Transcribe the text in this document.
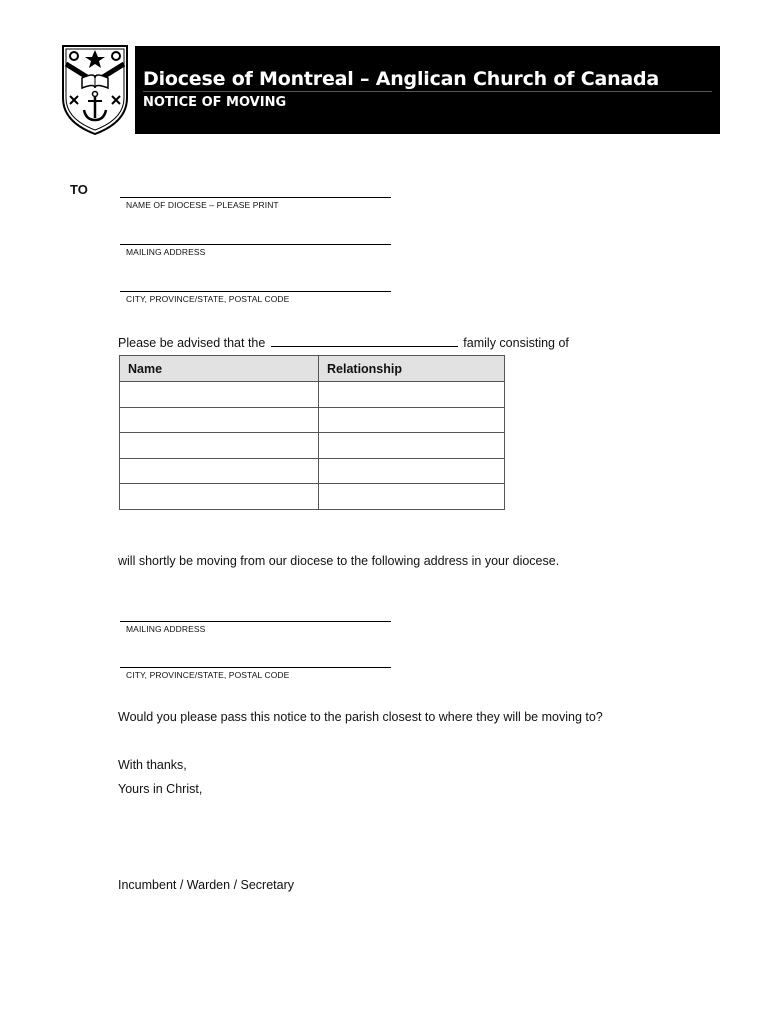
Diocese of Montreal – Anglican Church of Canada
NOTICE OF MOVING
TO
NAME OF DIOCESE – PLEASE PRINT
MAILING ADDRESS
CITY, PROVINCE/STATE, POSTAL CODE
Please be advised that the	family consisting of
Name	Relationship

will shortly be moving from our diocese to the following address in your diocese.
MAILING ADDRESS
CITY, PROVINCE/STATE, POSTAL CODE
Would you please pass this notice to the parish closest to where they will be moving to?
With thanks,
Yours in Christ,
Incumbent / Warden / Secretary
